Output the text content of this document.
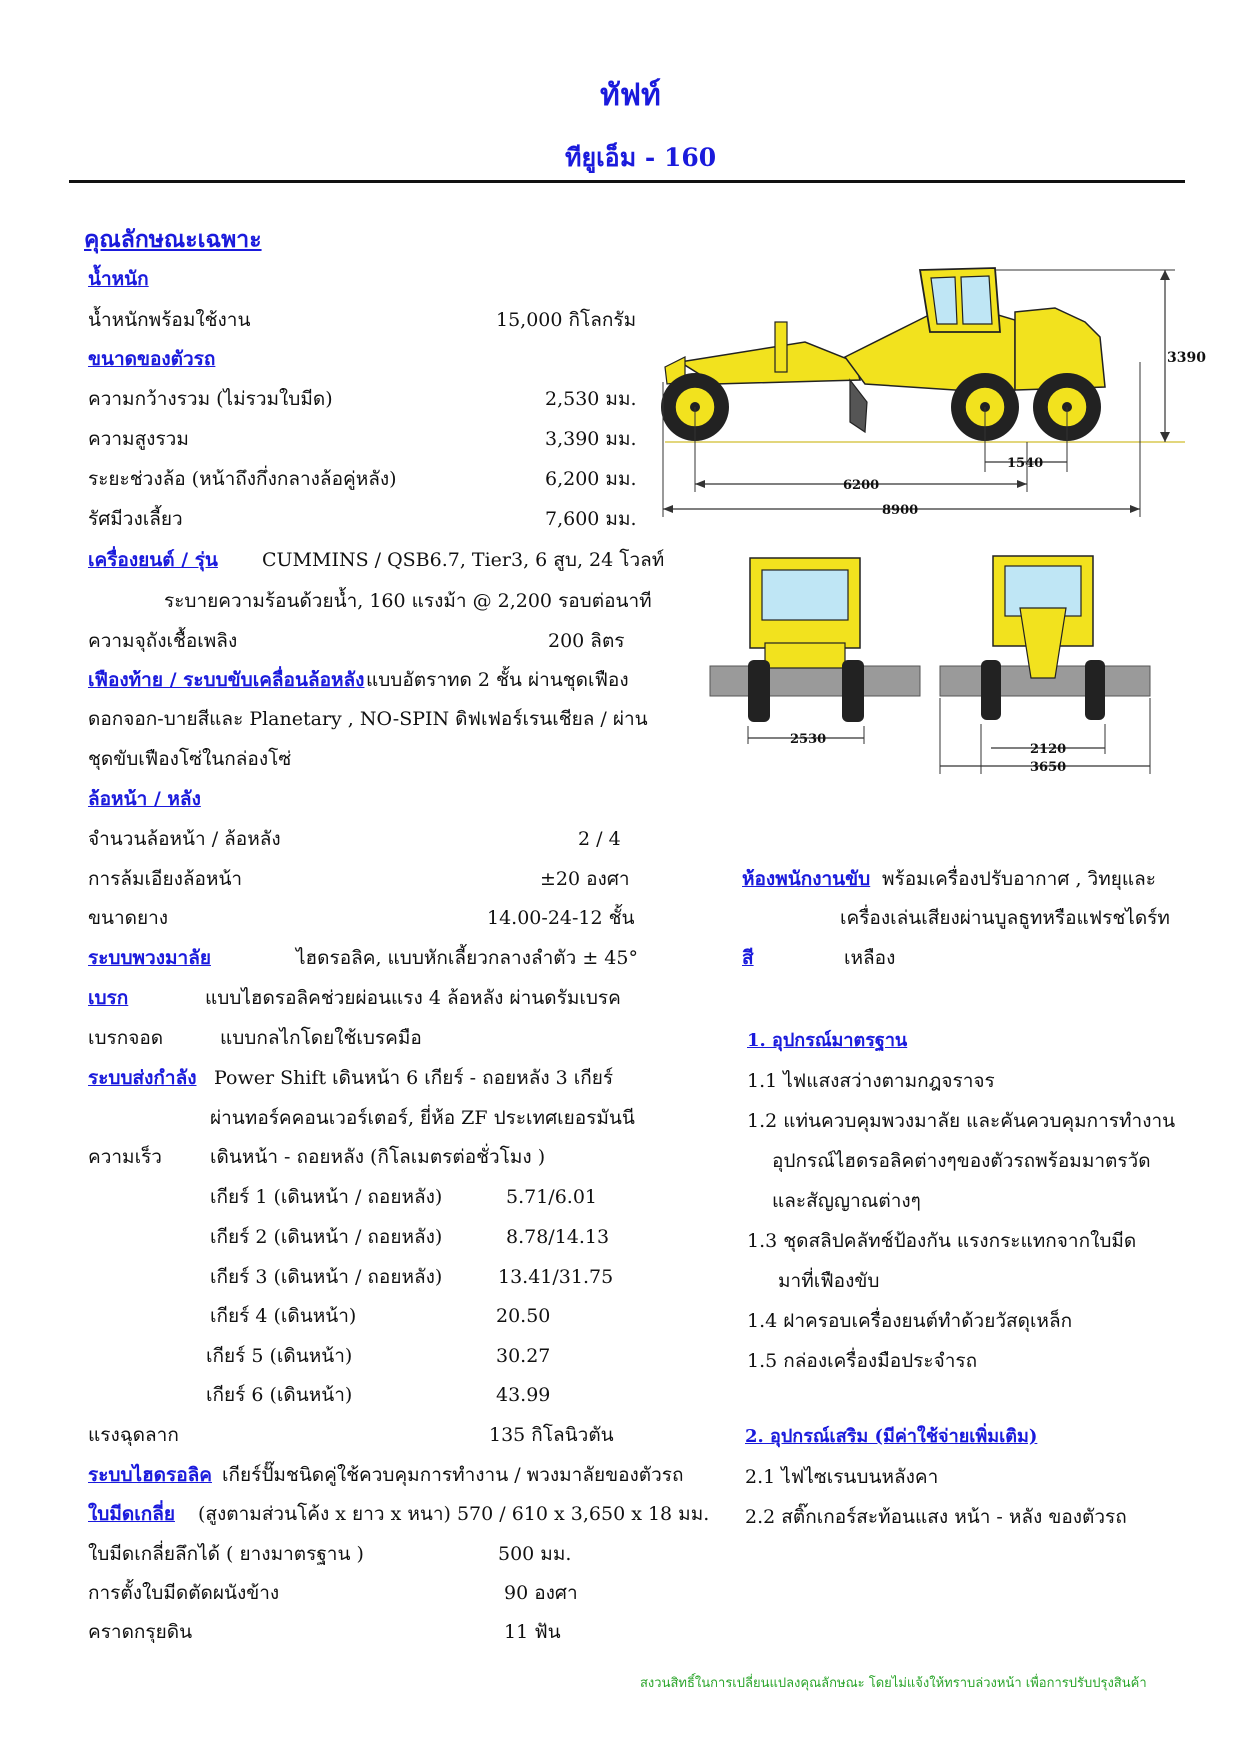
ทัฟท์
ทียูเอ็ม - 160
คุณลักษณะเฉพาะ
น้ำหนัก
น้ำหนักพร้อมใช้งาน	15,000 กิโลกรัม
ขนาดของตัวรถ
ความกว้างรวม (ไม่รวมใบมีด)	2,530 มม.
ความสูงรวม	3,390 มม.
ระยะช่วงล้อ (หน้าถึงกึ่งกลางล้อคู่หลัง)	6,200 มม.
รัศมีวงเลี้ยว	7,600 มม.
เครื่องยนต์ / รุ่น CUMMINS / QSB6.7, Tier3, 6 สูบ, 24 โวลท์
ระบายความร้อนด้วยน้ำ, 160 แรงม้า @ 2,200 รอบต่อนาที
ความจุถังเชื้อเพลิง	200 ลิตร
เฟืองท้าย / ระบบขับเคลื่อนล้อหลัง แบบอัตราทด 2 ชั้น ผ่านชุดเฟือง
ดอกจอก-บายสีและ Planetary , NO-SPIN ดิฟเฟอร์เรนเชียล / ผ่าน
ชุดขับเฟืองโซ่ในกล่องโซ่
ล้อหน้า / หลัง
จำนวนล้อหน้า / ล้อหลัง	2 / 4
การล้มเอียงล้อหน้า	±20 องศา
ขนาดยาง	14.00-24-12 ชั้น
ระบบพวงมาลัย	ไฮดรอลิค, แบบหักเลี้ยวกลางลำตัว ± 45°
เบรก	แบบไฮดรอลิคช่วยผ่อนแรง 4 ล้อหลัง ผ่านดรัมเบรค
เบรกจอด	แบบกลไกโดยใช้เบรคมือ
ระบบส่งกำลัง Power Shift เดินหน้า 6 เกียร์ - ถอยหลัง 3 เกียร์
ผ่านทอร์คคอนเวอร์เตอร์, ยี่ห้อ ZF ประเทศเยอรมันนี
ความเร็ว	เดินหน้า - ถอยหลัง (กิโลเมตรต่อชั่วโมง )
เกียร์ 1 (เดินหน้า / ถอยหลัง)	5.71/6.01
เกียร์ 2 (เดินหน้า / ถอยหลัง)	8.78/14.13
เกียร์ 3 (เดินหน้า / ถอยหลัง)	13.41/31.75
เกียร์ 4 (เดินหน้า)	20.50
เกียร์ 5 (เดินหน้า)	30.27
เกียร์ 6 (เดินหน้า)	43.99
แรงฉุดลาก	135 กิโลนิวตัน
ระบบไฮดรอลิค เกียร์ปั๊มชนิดคู่ใช้ควบคุมการทำงาน / พวงมาลัยของตัวรถ
ใบมีดเกลี่ย (สูงตามส่วนโค้ง x ยาว x หนา) 570 / 610 x 3,650 x 18 มม.
ใบมีดเกลี่ยลึกได้ ( ยางมาตรฐาน )	500 มม.
การตั้งใบมีดตัดผนังข้าง	90 องศา
คราดกรุยดิน	11 ฟัน
3390
1540
6200
8900
2530
2120
3650
ห้องพนักงานขับ พร้อมเครื่องปรับอากาศ , วิทยุและ
เครื่องเล่นเสียงผ่านบูลธูทหรือแฟรชไดร์ท
สี	เหลือง
1. อุปกรณ์มาตรฐาน
1.1 ไฟแสงสว่างตามกฎจราจร
1.2 แท่นควบคุมพวงมาลัย และคันควบคุมการทำงาน
อุปกรณ์ไฮดรอลิคต่างๆของตัวรถพร้อมมาตรวัด
และสัญญาณต่างๆ
1.3 ชุดสลิปคลัทช์ป้องกัน แรงกระแทกจากใบมีด
มาที่เฟืองขับ
1.4 ฝาครอบเครื่องยนต์ทำด้วยวัสดุเหล็ก
1.5 กล่องเครื่องมือประจำรถ
2. อุปกรณ์เสริม (มีค่าใช้จ่ายเพิ่มเติม)
2.1 ไฟไซเรนบนหลังคา
2.2 สติ๊กเกอร์สะท้อนแสง หน้า - หลัง ของตัวรถ
สงวนสิทธิ์ในการเปลี่ยนแปลงคุณลักษณะ โดยไม่แจ้งให้ทราบล่วงหน้า เพื่อการปรับปรุงสินค้า
